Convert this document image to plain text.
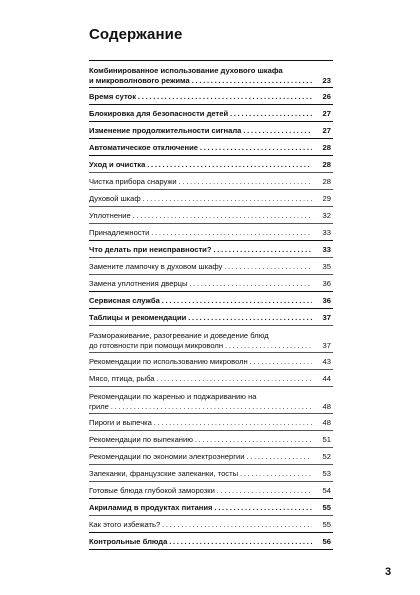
Содержание
Комбинированное использование духового шкафа
и микроволнового режима . . .	23
Время суток . . .	26
Блокировка для безопасности детей . . .	27
Изменение продолжительности сигнала . . .	27
Автоматическое отключение . . .	28
Уход и очистка . . .	28
Чистка прибора снаружи . . .	28
Духовой шкаф . . .	29
Уплотнение . . .	32
Принадлежности . . .	33
Что делать при неисправности? . . .	33
Замените лампочку в духовом шкафу . . .	35
Замена уплотнения дверцы . . .	36
Сервисная служба . . .	36
Таблицы и рекомендации . . .	37
Размораживание, разогревание и доведение блюд
до готовности при помощи микроволн . . .	37
Рекомендации по использованию микроволн . . .	43
Мясо, птица, рыба . . .	44
Рекомендации по жаренью и поджариванию на
гриле . . .	48
Пироги и выпечка . . .	48
Рекомендации по выпеканию . . .	51
Рекомендации по экономии электроэнергии . . .	52
Запеканки, французские запеканки, тосты . . .	53
Готовые блюда глубокой заморозки . . .	54
Акриламид в продуктах питания . . .	55
Как этого избежать? . . .	55
Контрольные блюда . . .	56
3
